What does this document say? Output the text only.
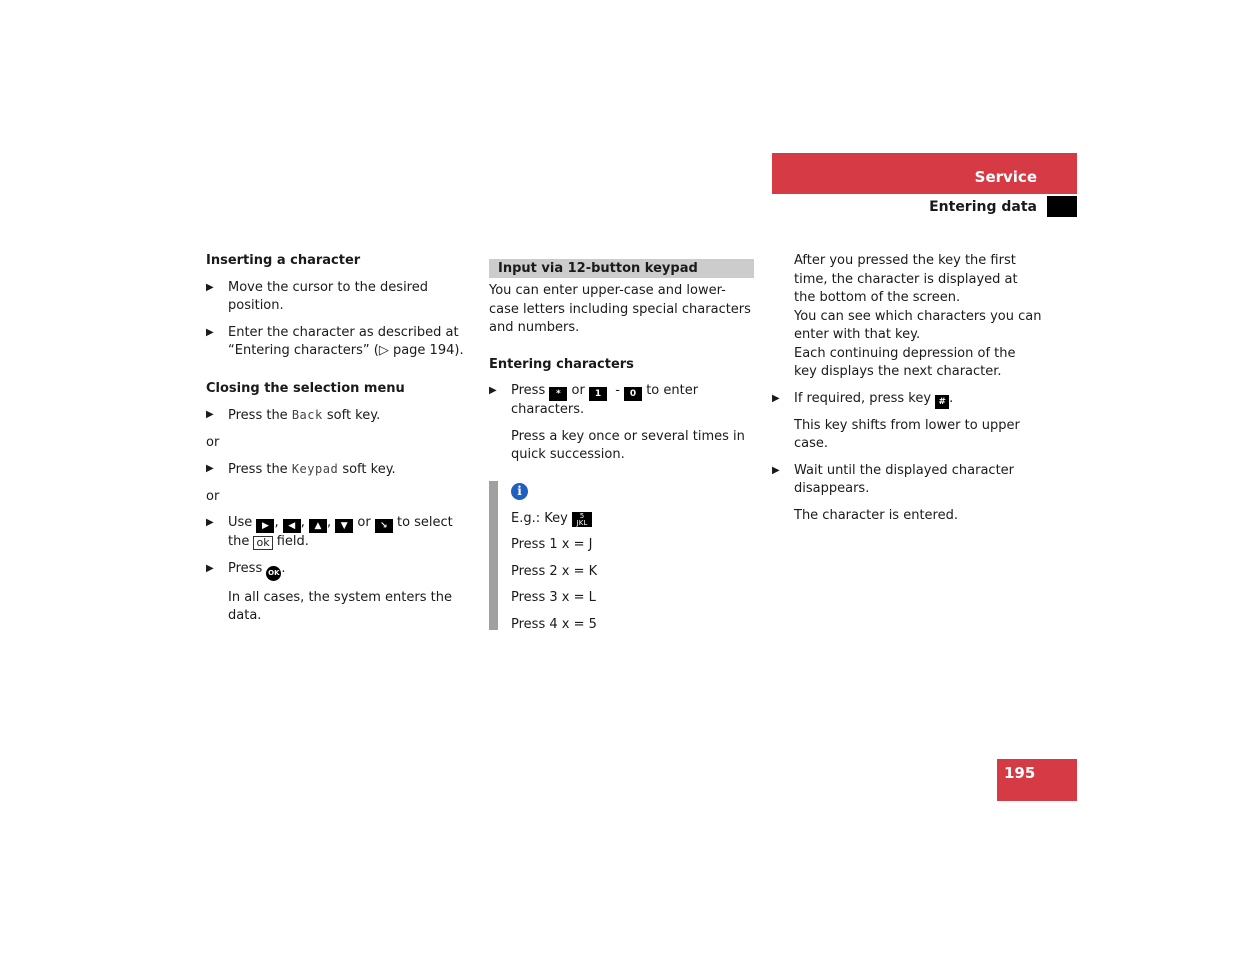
Service
Entering data

Inserting a character

▶ Move the cursor to the desired position.
▶ Enter the character as described at “Entering characters” (▷ page 194).

Closing the selection menu

▶ Press the Back soft key.
or
▶ Press the Keypad soft key.
or
▶ Use ▶ , ◀ , ▲ , ▼ or ↘ to select the ok field.
▶ Press OK .
In all cases, the system enters the data.
Input via 12-button keypad
You can enter upper-case and lower-case letters including special characters and numbers.

Entering characters

▶ Press * or 1 - 0 to enter characters.
Press a key once or several times in quick succession.
i
E.g.: Key 5
JKL
Press 1 x = J
Press 2 x = K
Press 3 x = L
Press 4 x = 5
After you pressed the key the first time, the character is displayed at the bottom of the screen.
You can see which characters you can enter with that key.
Each continuing depression of the key displays the next character.
▶ If required, press key # .
This key shifts from lower to upper case.
▶ Wait until the displayed character disappears.
The character is entered.
195
